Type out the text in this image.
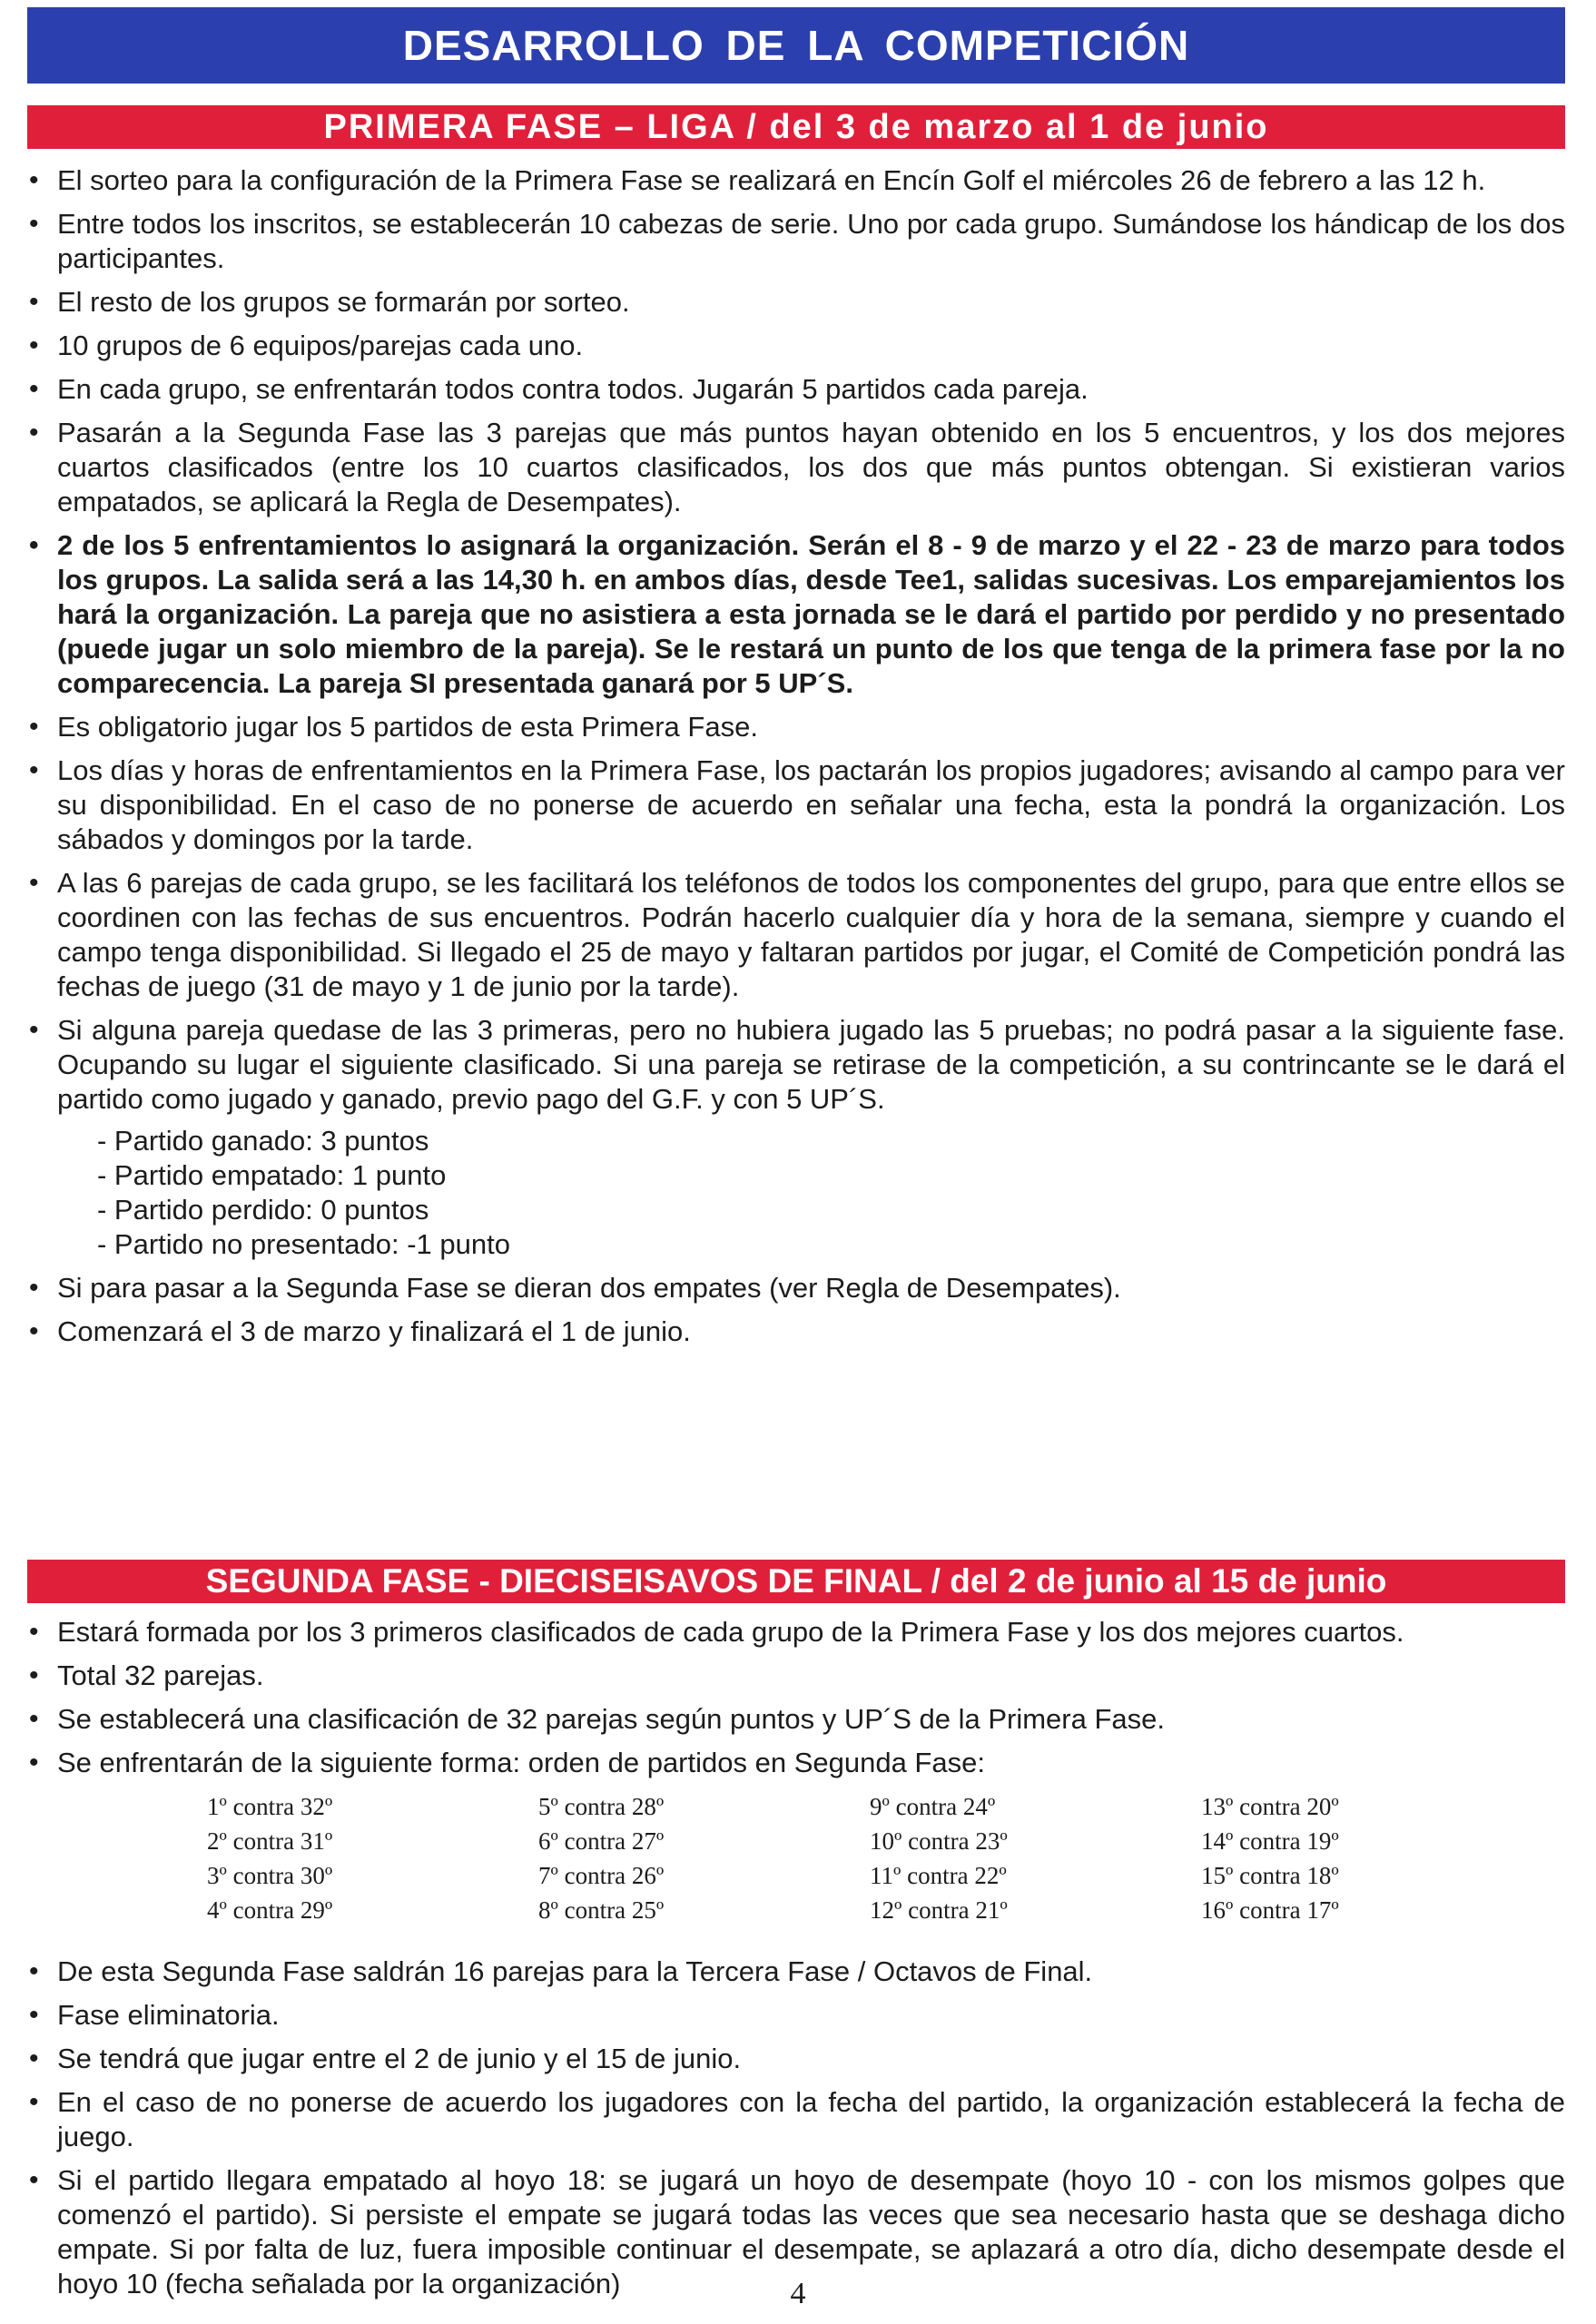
DESARROLLO DE LA COMPETICIÓN
PRIMERA FASE – LIGA / del 3 de marzo al 1 de junio
• El sorteo para la configuración de la Primera Fase se realizará en Encín Golf el miércoles 26 de febrero a las 12 h.
• Entre todos los inscritos, se establecerán 10 cabezas de serie. Uno por cada grupo. Sumándose los hándicap de los dos participantes.
• El resto de los grupos se formarán por sorteo.
• 10 grupos de 6 equipos/parejas cada uno.
• En cada grupo, se enfrentarán todos contra todos. Jugarán 5 partidos cada pareja.
• Pasarán a la Segunda Fase las 3 parejas que más puntos hayan obtenido en los 5 encuentros, y los dos mejores cuartos clasificados (entre los 10 cuartos clasificados, los dos que más puntos obtengan. Si existieran varios empatados, se aplicará la Regla de Desempates).
• 2 de los 5 enfrentamientos lo asignará la organización. Serán el 8 - 9 de marzo y el 22 - 23 de marzo para todos los grupos. La salida será a las 14,30 h. en ambos días, desde Tee1, salidas sucesivas. Los emparejamientos los hará la organización. La pareja que no asistiera a esta jornada se le dará el partido por perdido y no presentado (puede jugar un solo miembro de la pareja). Se le restará un punto de los que tenga de la primera fase por la no comparecencia. La pareja SI presentada ganará por 5 UP´S.
• Es obligatorio jugar los 5 partidos de esta Primera Fase.
• Los días y horas de enfrentamientos en la Primera Fase, los pactarán los propios jugadores; avisando al campo para ver su disponibilidad. En el caso de no ponerse de acuerdo en señalar una fecha, esta la pondrá la organización. Los sábados y domingos por la tarde.
• A las 6 parejas de cada grupo, se les facilitará los teléfonos de todos los componentes del grupo, para que entre ellos se coordinen con las fechas de sus encuentros. Podrán hacerlo cualquier día y hora de la semana, siempre y cuando el campo tenga disponibilidad. Si llegado el 25 de mayo y faltaran partidos por jugar, el Comité de Competición pondrá las fechas de juego (31 de mayo y 1 de junio por la tarde).
• Si alguna pareja quedase de las 3 primeras, pero no hubiera jugado las 5 pruebas; no podrá pasar a la siguiente fase. Ocupando su lugar el siguiente clasificado. Si una pareja se retirase de la competición, a su contrincante se le dará el partido como jugado y ganado, previo pago del G.F. y con 5 UP´S.
- Partido ganado: 3 puntos
- Partido empatado: 1 punto
- Partido perdido: 0 puntos
- Partido no presentado: -1 punto
• Si para pasar a la Segunda Fase se dieran dos empates (ver Regla de Desempates).
• Comenzará el 3 de marzo y finalizará el 1 de junio.
SEGUNDA FASE - DIECISEISAVOS DE FINAL / del 2 de junio al 15 de junio
• Estará formada por los 3 primeros clasificados de cada grupo de la Primera Fase y los dos mejores cuartos.
• Total 32 parejas.
• Se establecerá una clasificación de 32 parejas según puntos y UP´S de la Primera Fase.
• Se enfrentarán de la siguiente forma: orden de partidos en Segunda Fase:
1º contra 32º	5º contra 28º	9º contra 24º	13º contra 20º
2º contra 31º	6º contra 27º	10º contra 23º	14º contra 19º
3º contra 30º	7º contra 26º	11º contra 22º	15º contra 18º
4º contra 29º	8º contra 25º	12º contra 21º	16º contra 17º
• De esta Segunda Fase saldrán 16 parejas para la Tercera Fase / Octavos de Final.
• Fase eliminatoria.
• Se tendrá que jugar entre el 2 de junio y el 15 de junio.
• En el caso de no ponerse de acuerdo los jugadores con la fecha del partido, la organización establecerá la fecha de juego.
• Si el partido llegara empatado al hoyo 18: se jugará un hoyo de desempate (hoyo 10 - con los mismos golpes que comenzó el partido). Si persiste el empate se jugará todas las veces que sea necesario hasta que se deshaga dicho empate. Si por falta de luz, fuera imposible continuar el desempate, se aplazará a otro día, dicho desempate desde el hoyo 10 (fecha señalada por la organización)	4
